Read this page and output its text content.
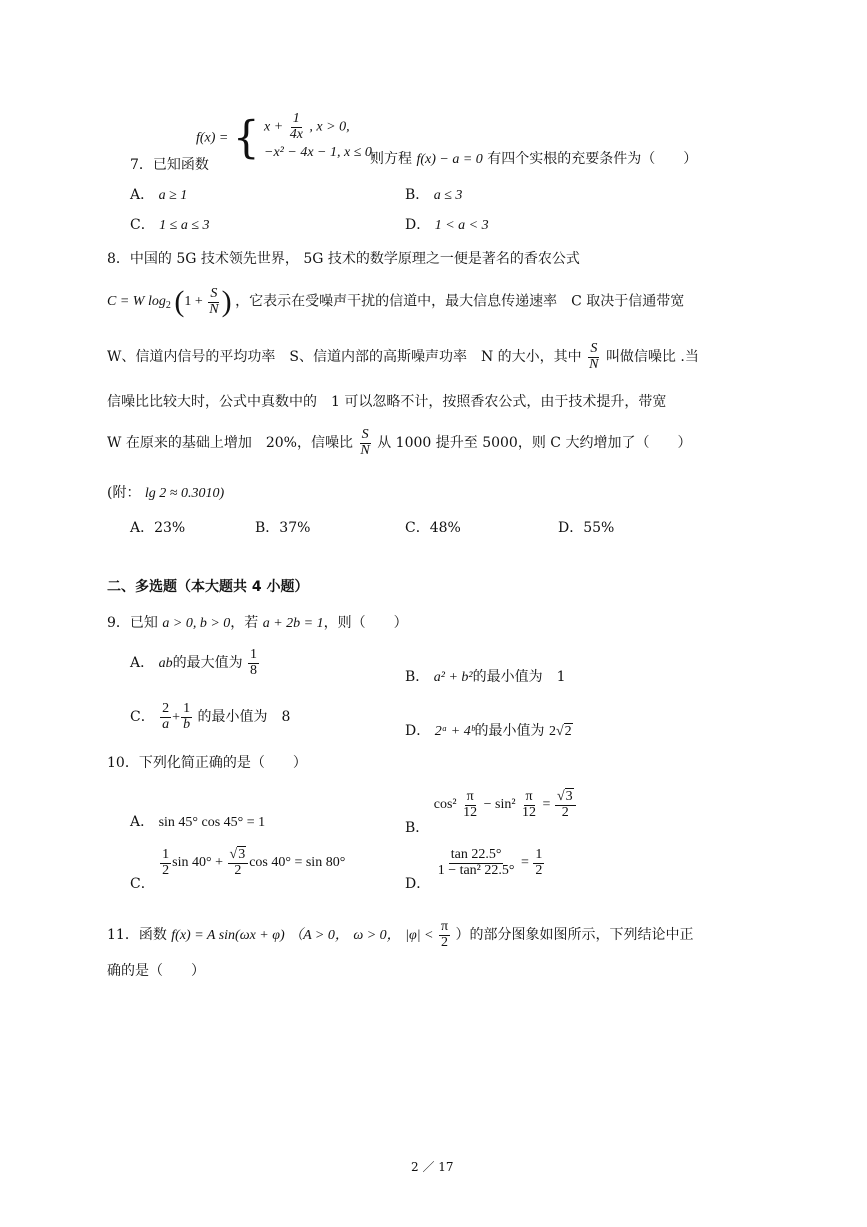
f(x) = { $x + \frac{1}{4x}$ , x > 0,
−x² − 4x − 1, x ≤ 0,
7．已知函数	则方程 f(x) − a = 0 有四个实根的充要条件为（　　）
A． a ≥ 1	B． a ≤ 3
C． 1 ≤ a ≤ 3	D． 1 < a < 3
8．中国的 5G 技术领先世界， 5G 技术的数学原理之一便是著名的香农公式
C = W $\log_2 (1 + \frac{S}{N}$ ) ，它表示在受噪声干扰的信道中，最大信息传递速率　C 取决于信通带宽
W、信道内信号的平均功率　S、信道内部的高斯噪声功率　N 的大小，其中 $\frac{S}{N}$ 叫做信噪比 .当
信噪比比较大时，公式中真数中的　1 可以忽略不计，按照香农公式，由于技术提升，带宽
W 在原来的基础上增加　20%，信噪比 $\frac{S}{N}$ 从 1000 提升至 5000，则 C 大约增加了（　　）
(附： lg 2 ≈ 0.3010)
A．23%	B．37%	C．48%	D．55%
二、多选题（本大题共 4 小题）
9．已知 a > 0, b > 0，若 a + 2b = 1，则（　　）
A． ab的最大值为 $\frac{1}{8}$	B． a² + b²的最小值为　1
C． $\frac{2}{a} + \frac{1}{b}$ 的最小值为　8
D． 2ᵃ + 4ᵇ的最小值为 2√2
10．下列化简正确的是（　　）
A． sin 45° cos 45° = 1	B． $\cos^2 \frac{\pi}{12} - \sin^2 \frac{\pi}{12} = \frac{√3}{2}$
C．
$\frac{1}{2}$ $\sin 40^\circ + \frac{√3}{2}$ cos 40° = sin 80°
D．
$\frac{\tan 22.5^\circ}{\text{1 − tan² 22.5°}} = \frac{1}{2}$
11．函数 f(x) = A sin(ωx + φ) （A > 0， ω > 0， $|\varphi| < \frac{\pi}{2}$ ）的部分图象如图所示，下列结论中正
确的是（　　）
2 ／ 17
